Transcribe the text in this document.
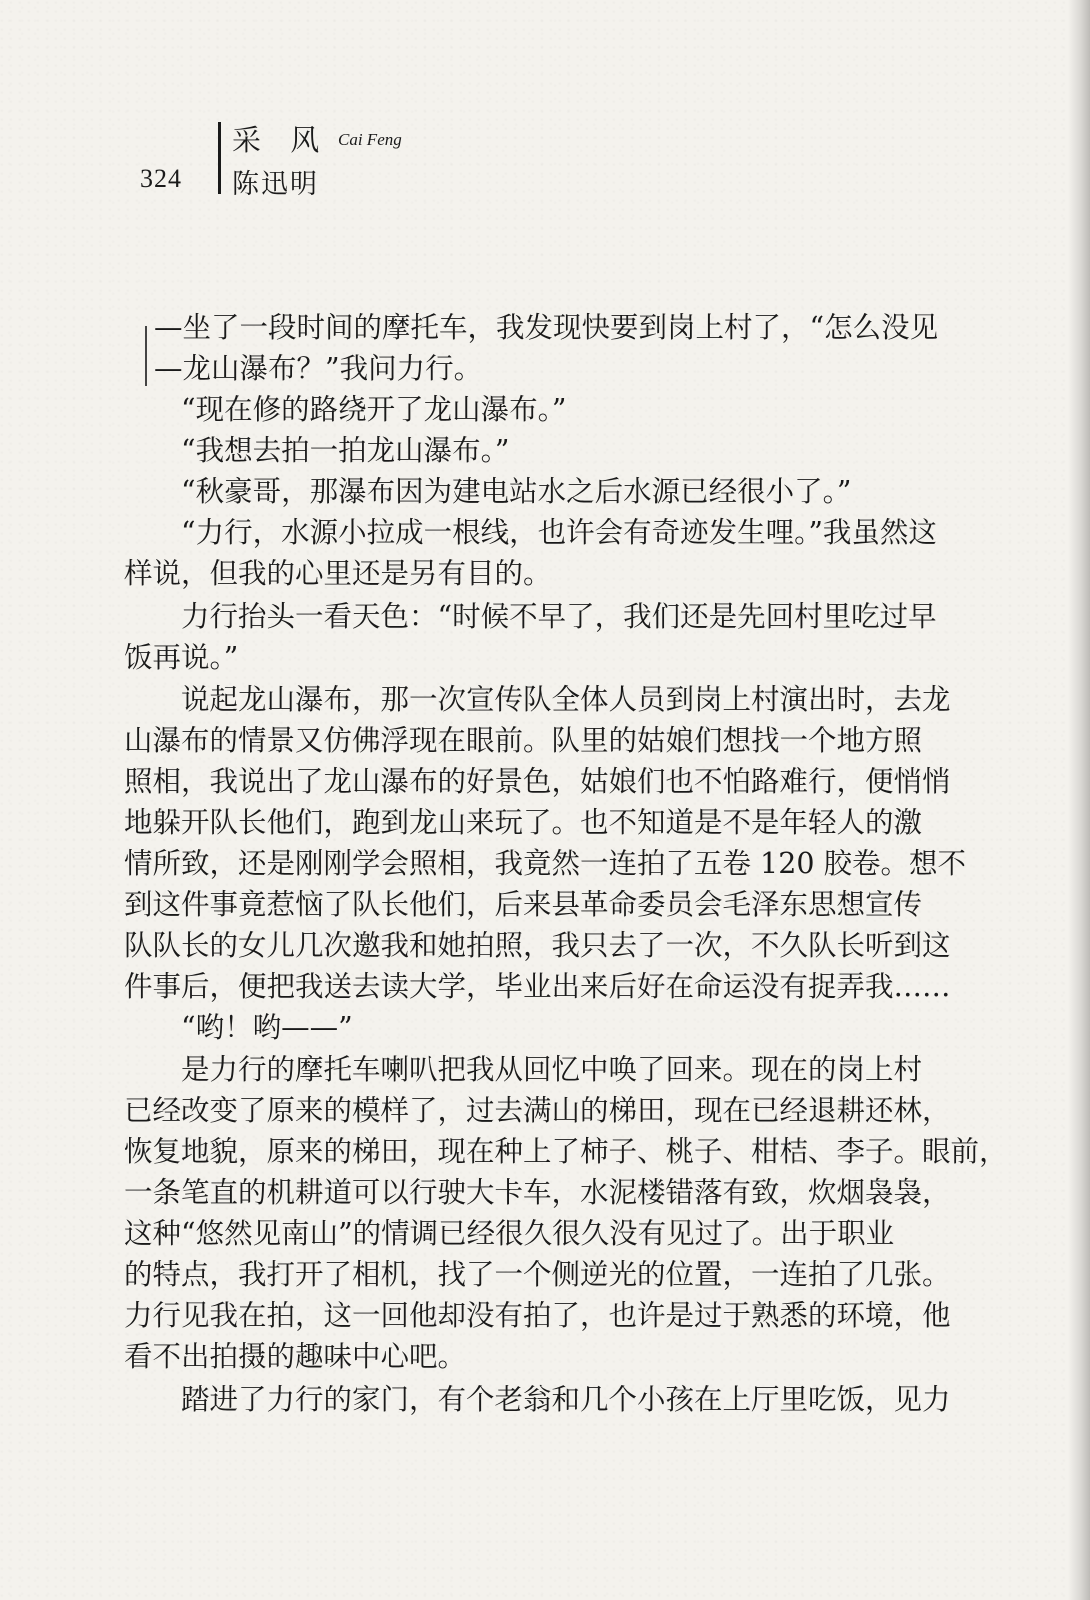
324
采 风 Cai Feng
陈迅明
—坐了一段时间的摩托车，我发现快要到岗上村了，“怎么没见
—龙山瀑布？”我问力行。
“现在修的路绕开了龙山瀑布。”
“我想去拍一拍龙山瀑布。”
“秋豪哥，那瀑布因为建电站水之后水源已经很小了。”
“力行，水源小拉成一根线，也许会有奇迹发生哩。”我虽然这
样说，但我的心里还是另有目的。
力行抬头一看天色：“时候不早了，我们还是先回村里吃过早
饭再说。”
说起龙山瀑布，那一次宣传队全体人员到岗上村演出时，去龙
山瀑布的情景又仿佛浮现在眼前。队里的姑娘们想找一个地方照
照相，我说出了龙山瀑布的好景色，姑娘们也不怕路难行，便悄悄
地躲开队长他们，跑到龙山来玩了。也不知道是不是年轻人的激
情所致，还是刚刚学会照相，我竟然一连拍了五卷 120 胶卷。想不
到这件事竟惹恼了队长他们，后来县革命委员会毛泽东思想宣传
队队长的女儿几次邀我和她拍照，我只去了一次，不久队长听到这
件事后，便把我送去读大学，毕业出来后好在命运没有捉弄我……
“哟！哟——”
是力行的摩托车喇叭把我从回忆中唤了回来。现在的岗上村
已经改变了原来的模样了，过去满山的梯田，现在已经退耕还林，
恢复地貌，原来的梯田，现在种上了柿子、桃子、柑桔、李子。眼前，
一条笔直的机耕道可以行驶大卡车，水泥楼错落有致，炊烟袅袅，
这种“悠然见南山”的情调已经很久很久没有见过了。出于职业
的特点，我打开了相机，找了一个侧逆光的位置，一连拍了几张。
力行见我在拍，这一回他却没有拍了，也许是过于熟悉的环境，他
看不出拍摄的趣味中心吧。
踏进了力行的家门，有个老翁和几个小孩在上厅里吃饭，见力
